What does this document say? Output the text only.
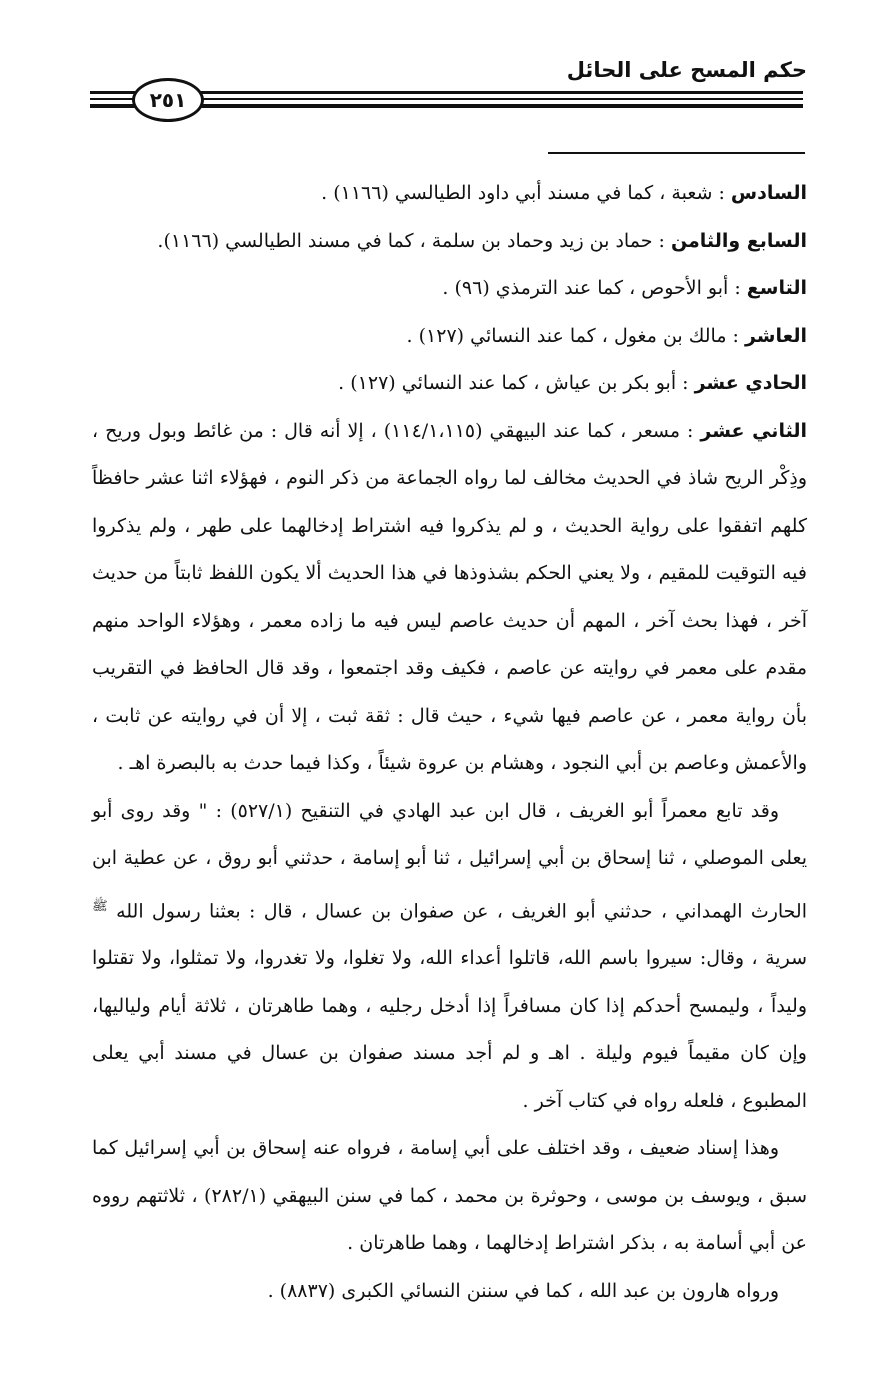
حكم المسح على الحائل
٢٥١

السادس : شعبة ، كما في مسند أبي داود الطيالسي (١١٦٦) .

السابع والثامن : حماد بن زيد وحماد بن سلمة ، كما في مسند الطيالسي (١١٦٦).

التاسع : أبو الأحوص ، كما عند الترمذي (٩٦) .

العاشر : مالك بن مغول ، كما عند النسائي (١٢٧) .

الحادي عشر : أبو بكر بن عياش ، كما عند النسائي (١٢٧) .

الثاني عشر : مسعر ، كما عند البيهقي (١١٤/١،١١٥) ، إلا أنه قال : من غائط وبول وريح ، وذِكْر الريح شاذ في الحديث مخالف لما رواه الجماعة من ذكر النوم ، فهؤلاء اثنا عشر حافظاً كلهم اتفقوا على رواية الحديث ، و لم يذكروا فيه اشتراط إدخالهما على طهر ، ولم يذكروا فيه التوقيت للمقيم ، ولا يعني الحكم بشذوذها في هذا الحديث ألا يكون اللفظ ثابتاً من حديث آخر ، فهذا بحث آخر ، المهم أن حديث عاصم ليس فيه ما زاده معمر ، وهؤلاء الواحد منهم مقدم على معمر في روايته عن عاصم ، فكيف وقد اجتمعوا ، وقد قال الحافظ في التقريب بأن رواية معمر ، عن عاصم فيها شيء ، حيث قال : ثقة ثبت ، إلا أن في روايته عن ثابت ، والأعمش وعاصم بن أبي النجود ، وهشام بن عروة شيئاً ، وكذا فيما حدث به بالبصرة اهـ .

وقد تابع معمراً أبو الغريف ، قال ابن عبد الهادي في التنقيح (٥٢٧/١) : " وقد روى أبو يعلى الموصلي ، ثنا إسحاق بن أبي إسرائيل ، ثنا أبو إسامة ، حدثني أبو روق ، عن عطية ابن الحارث الهمداني ، حدثني أبو الغريف ، عن صفوان بن عسال ، قال : بعثنا رسول الله $^ﷺ$ سرية ، وقال: سيروا باسم الله، قاتلوا أعداء الله، ولا تغلوا، ولا تغدروا، ولا تمثلوا، ولا تقتلوا وليداً ، وليمسح أحدكم إذا كان مسافراً إذا أدخل رجليه ، وهما طاهرتان ، ثلاثة أيام ولياليها، وإن كان مقيماً فيوم وليلة . اهـ و لم أجد مسند صفوان بن عسال في مسند أبي يعلى المطبوع ، فلعله رواه في كتاب آخر .

وهذا إسناد ضعيف ، وقد اختلف على أبي إسامة ، فرواه عنه إسحاق بن أبي إسرائيل كما سبق ، ويوسف بن موسى ، وحوثرة بن محمد ، كما في سنن البيهقي (٢٨٢/١) ، ثلاثتهم رووه عن أبي أسامة به ، بذكر اشتراط إدخالهما ، وهما طاهرتان .

ورواه هارون بن عبد الله ، كما في سننن النسائي الكبرى (٨٨٣٧) .
